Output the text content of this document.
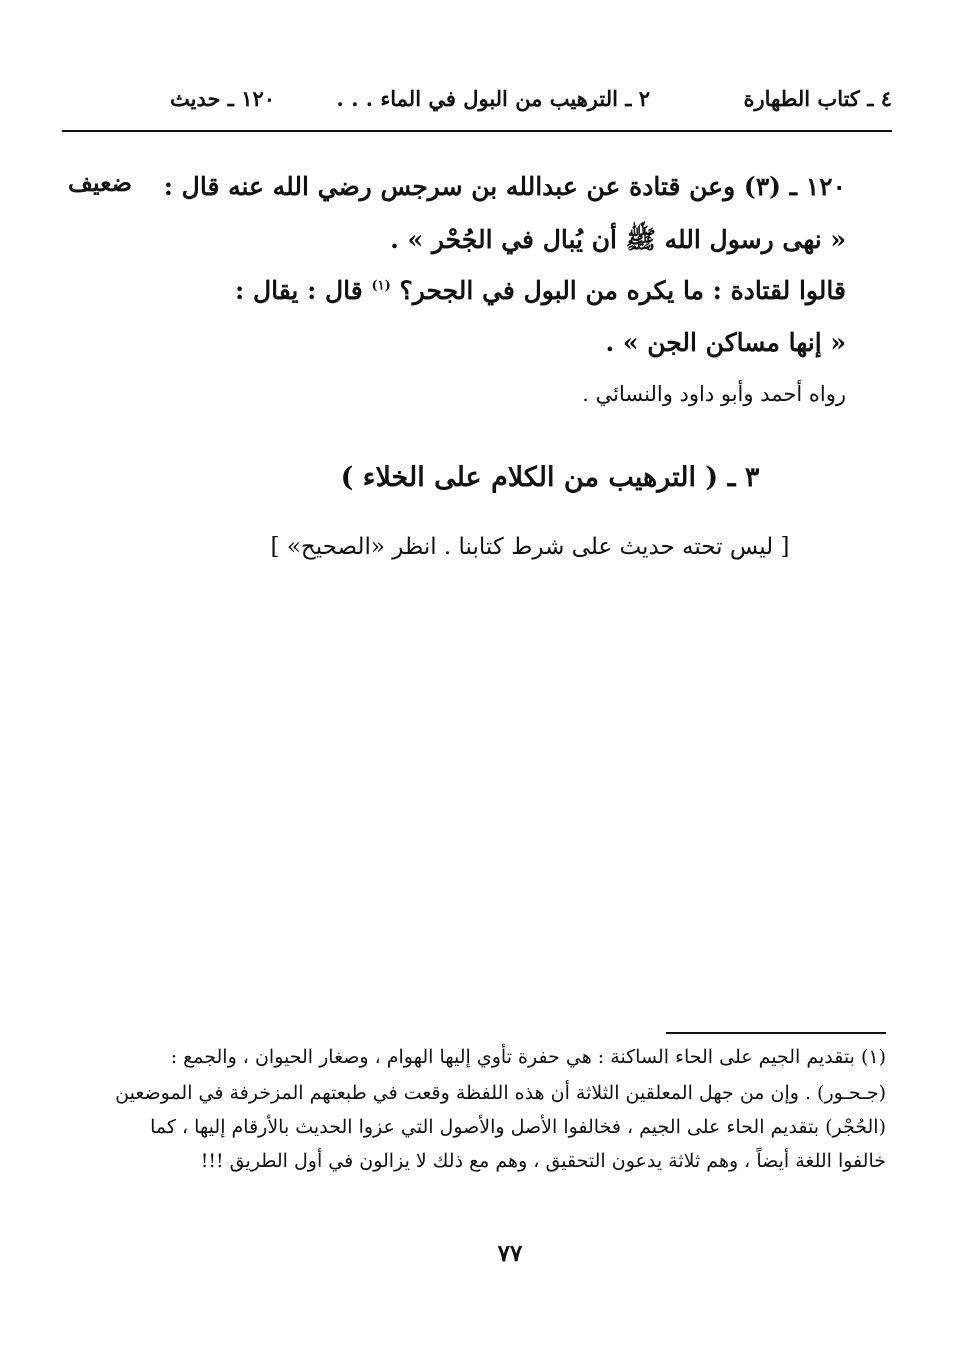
٤ ـ كتاب الطهارة
٢ ـ الترهيب من البول في الماء . . .
١٢٠ ـ حديث
ضعيف ١٢٠ ـ (٣) وعن قتادة عن عبدالله بن سرجس رضي الله عنه قال :
« نهى رسول الله ﷺ أن يُبال في الجُحْر » .
قالوا لقتادة : ما يكره من البول في الجحر؟ $^{(١)}$ قال : يقال :
« إنها مساكن الجن » .
رواه أحمد وأبو داود والنسائي .
٣ ـ ( الترهيب من الكلام على الخلاء )
[ ليس تحته حديث على شرط كتابنا . انظر «الصحيح» ]
(١) بتقديم الجيم على الحاء الساكنة : هي حفرة تأوي إليها الهوام ، وصغار الحيوان ، والجمع :
(جـحـور) . وإن من جهل المعلقين الثلاثة أن هذه اللفظة وقعت في طبعتهم المزخرفة في الموضعين
(الحُجْر) بتقديم الحاء على الجيم ، فخالفوا الأصل والأصول التي عزوا الحديث بالأرقام إليها ، كما
خالفوا اللغة أيضاً ، وهم ثلاثة يدعون التحقيق ، وهم مع ذلك لا يزالون في أول الطريق !!!
٧٧
